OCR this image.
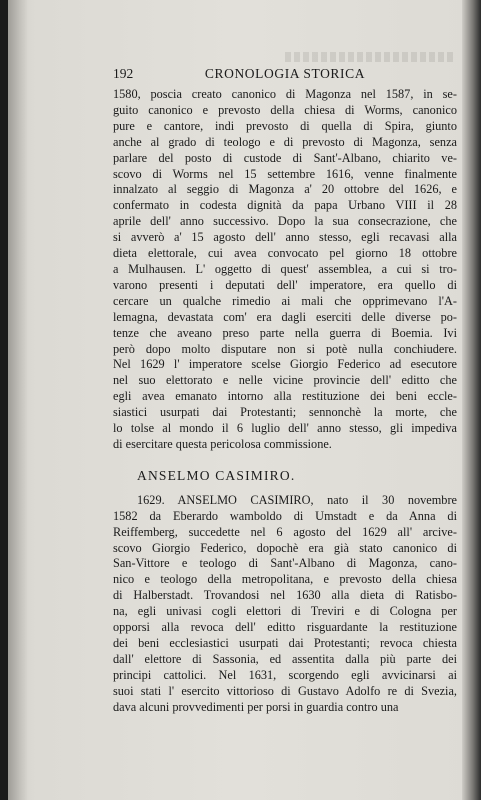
192	CRONOLOGIA STORICA
1580, poscia creato canonico di Magonza nel 1587, in se-
guito canonico e prevosto della chiesa di Worms, canonico
pure e cantore, indi prevosto di quella di Spira, giunto
anche al grado di teologo e di prevosto di Magonza, senza
parlare del posto di custode di Sant'-Albano, chiarito ve-
scovo di Worms nel 15 settembre 1616, venne finalmente
innalzato al seggio di Magonza a' 20 ottobre del 1626, e
confermato in codesta dignità da papa Urbano VIII il 28
aprile dell' anno successivo. Dopo la sua consecrazione, che
si avverò a' 15 agosto dell' anno stesso, egli recavasi alla
dieta elettorale, cui avea convocato pel giorno 18 ottobre
a Mulhausen. L' oggetto di quest' assemblea, a cui si tro-
varono presenti i deputati dell' imperatore, era quello di
cercare un qualche rimedio ai mali che opprimevano l'A-
lemagna, devastata com' era dagli eserciti delle diverse po-
tenze che aveano preso parte nella guerra di Boemia. Ivi
però dopo molto disputare non si potè nulla conchiudere.
Nel 1629 l' imperatore scelse Giorgio Federico ad esecutore
nel suo elettorato e nelle vicine provincie dell' editto che
egli avea emanato intorno alla restituzione dei beni eccle-
siastici usurpati dai Protestanti; sennonchè la morte, che
lo tolse al mondo il 6 luglio dell' anno stesso, gli impediva
di esercitare questa pericolosa commissione.
ANSELMO CASIMIRO.
1629. ANSELMO CASIMIRO, nato il 30 novembre
1582 da Eberardo wamboldo di Umstadt e da Anna di
Reiffemberg, succedette nel 6 agosto del 1629 all' arcive-
scovo Giorgio Federico, dopochè era già stato canonico di
San-Vittore e teologo di Sant'-Albano di Magonza, cano-
nico e teologo della metropolitana, e prevosto della chiesa
di Halberstadt. Trovandosi nel 1630 alla dieta di Ratisbo-
na, egli univasi cogli elettori di Treviri e di Cologna per
opporsi alla revoca dell' editto risguardante la restituzione
dei beni ecclesiastici usurpati dai Protestanti; revoca chiesta
dall' elettore di Sassonia, ed assentita dalla più parte dei
principi cattolici. Nel 1631, scorgendo egli avvicinarsi ai
suoi stati l' esercito vittorioso di Gustavo Adolfo re di Svezia,
dava alcuni provvedimenti per porsi in guardia contro una
